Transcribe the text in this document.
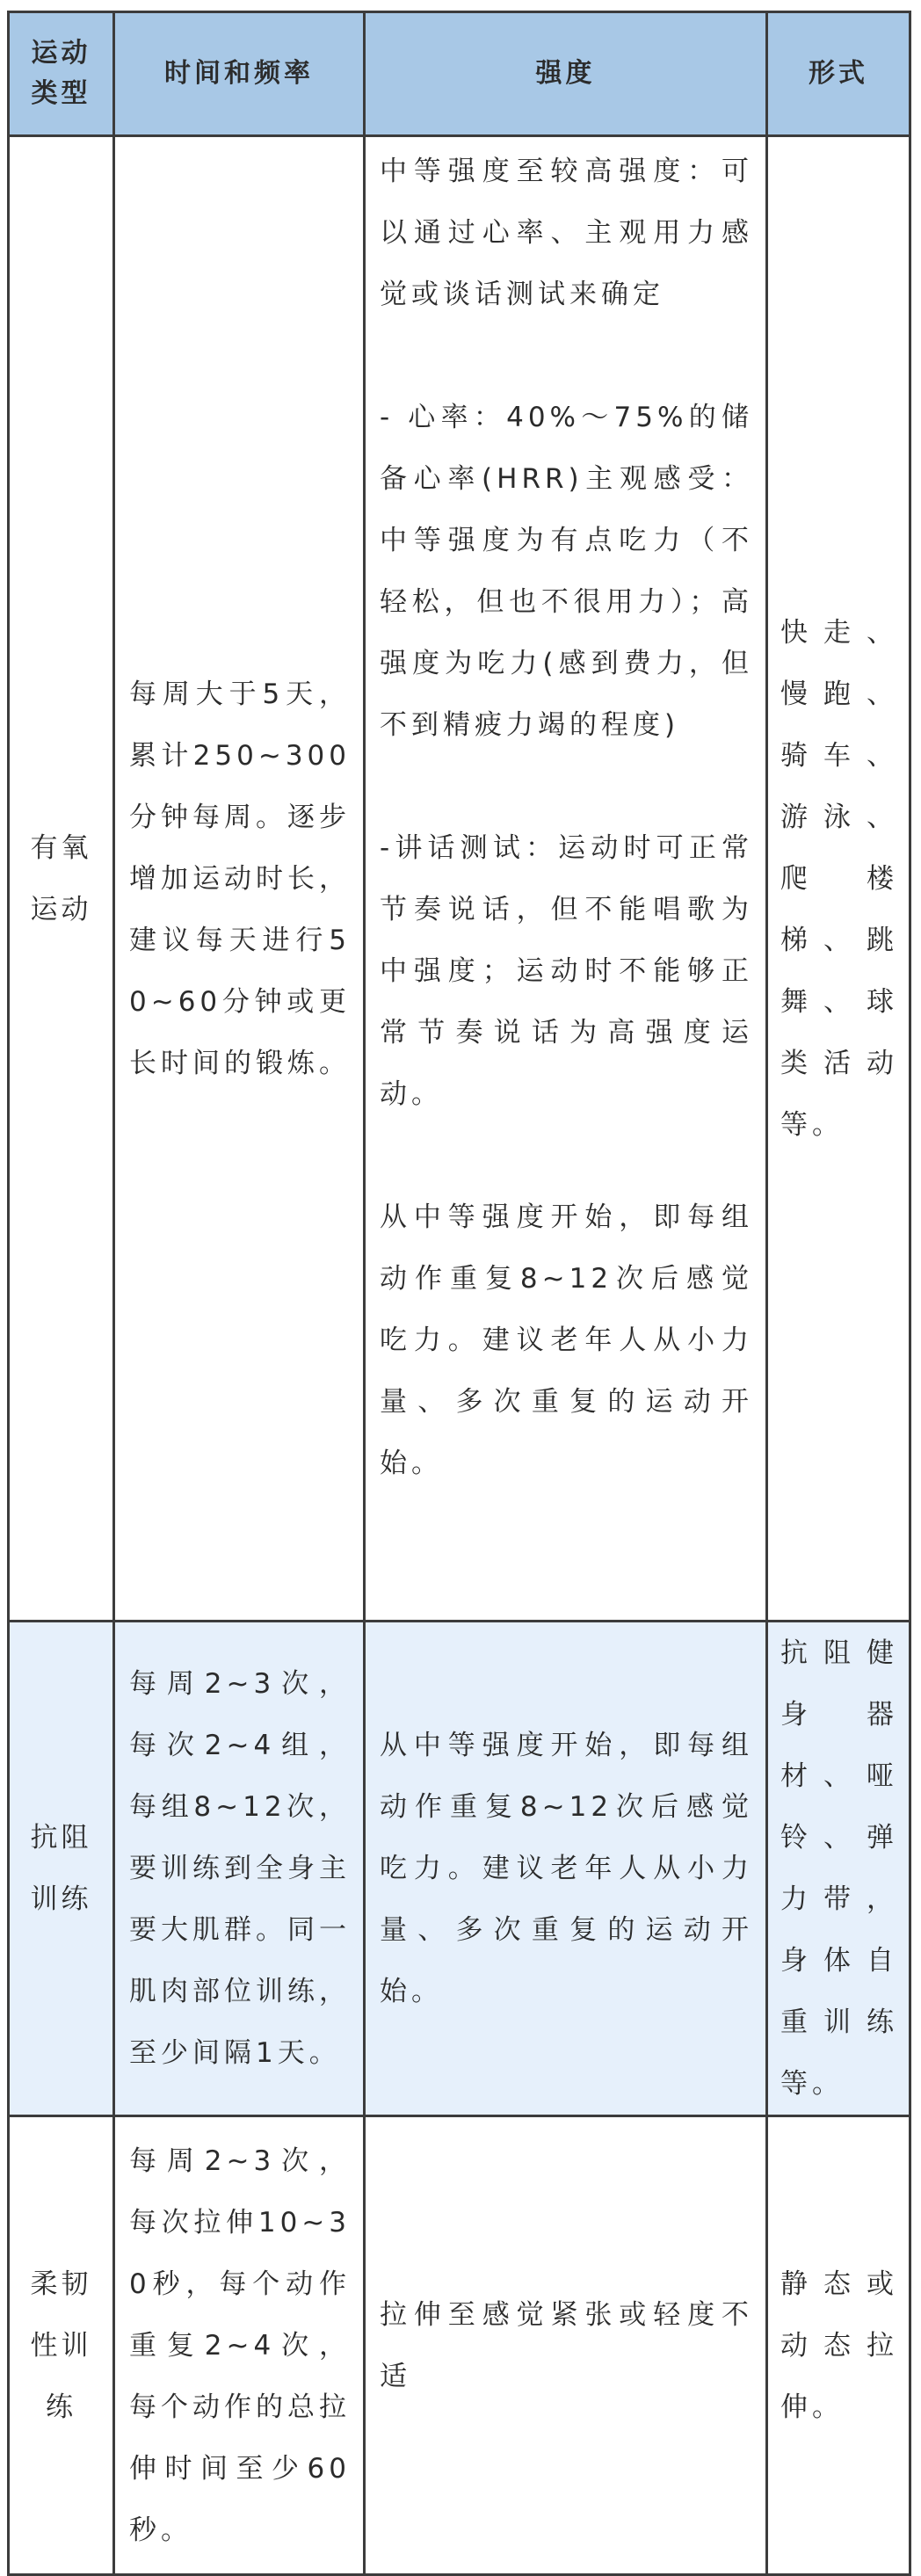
运动类型	时间和频率	强度	形式

有氧运动	每周大于5天，累计250~300分钟每周。逐步增加运动时长，建议每天进行50~60分钟或更长时间的锻炼。	中等强度至较高强度：可以通过心率、主观用力感觉或谈话测试来确定

- 心率：40%～75%的储备心率(HRR)主观感受：中等强度为有点吃力（不轻松，但也不很用力）；高强度为吃力(感到费力，但不到精疲力竭的程度)

-讲话测试：运动时可正常节奏说话，但不能唱歌为中强度；运动时不能够正常节奏说话为高强度运动。

从中等强度开始，即每组动作重复8~12次后感觉吃力。建议老年人从小力量、多次重复的运动开始。	快走、慢跑、骑车、游泳、爬楼梯、跳舞、球类活动等。

抗阻训练	每周2~3次，每次2~4组，每组8~12次，要训练到全身主要大肌群。同一肌肉部位训练，至少间隔1天。	从中等强度开始，即每组动作重复8~12次后感觉吃力。建议老年人从小力量、多次重复的运动开始。	抗阻健身器材、哑铃、弹力带，身体自重训练等。

柔韧性训练	每周2~3次，每次拉伸10~30秒，每个动作重复2~4次，每个动作的总拉伸时间至少60秒。	拉伸至感觉紧张或轻度不适	静态或动态拉伸。
